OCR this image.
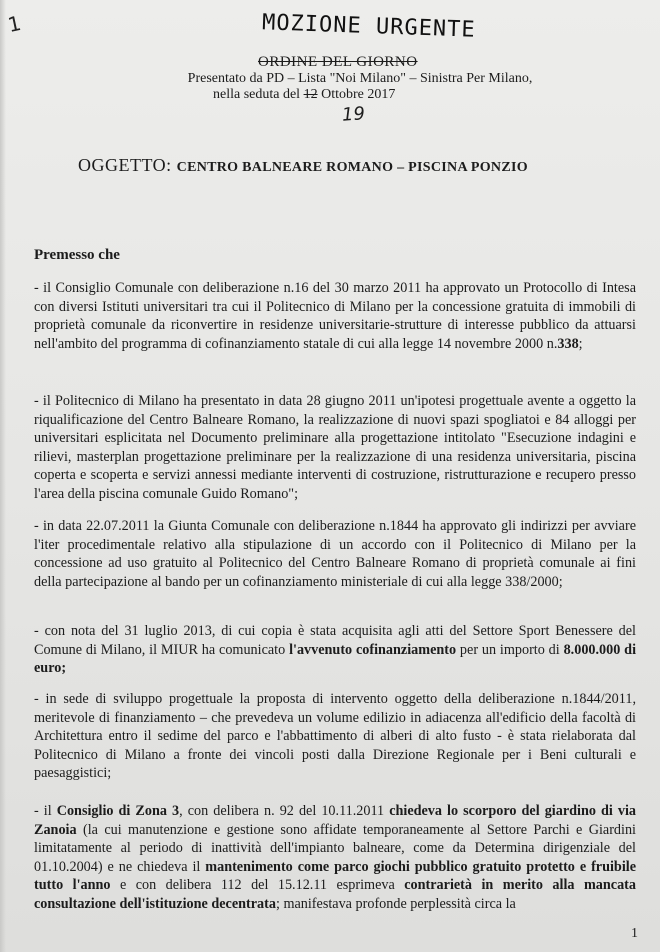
1	MOZIONE URGENTE
ORDINE DEL GIORNO
Presentato da PD – Lista "Noi Milano" – Sinistra Per Milano,
nella seduta del 12 Ottobre 2017
19
OGGETTO: CENTRO BALNEARE ROMANO – PISCINA PONZIO
Premesso che
- il Consiglio Comunale con deliberazione n.16 del 30 marzo 2011 ha approvato un Protocollo di Intesa con diversi Istituti universitari tra cui il Politecnico di Milano per la concessione gratuita di immobili di proprietà comunale da riconvertire in residenze universitarie-strutture di interesse pubblico da attuarsi nell'ambito del programma di cofinanziamento statale di cui alla legge 14 novembre 2000 n.338;
- il Politecnico di Milano ha presentato in data 28 giugno 2011 un'ipotesi progettuale avente a oggetto la riqualificazione del Centro Balneare Romano, la realizzazione di nuovi spazi spogliatoi e 84 alloggi per universitari esplicitata nel Documento preliminare alla progettazione intitolato "Esecuzione indagini e rilievi, masterplan progettazione preliminare per la realizzazione di una residenza universitaria, piscina coperta e scoperta e servizi annessi mediante interventi di costruzione, ristrutturazione e recupero presso l'area della piscina comunale Guido Romano";
- in data 22.07.2011 la Giunta Comunale con deliberazione n.1844 ha approvato gli indirizzi per avviare l'iter procedimentale relativo alla stipulazione di un accordo con il Politecnico di Milano per la concessione ad uso gratuito al Politecnico del Centro Balneare Romano di proprietà comunale ai fini della partecipazione al bando per un cofinanziamento ministeriale di cui alla legge 338/2000;
- con nota del 31 luglio 2013, di cui copia è stata acquisita agli atti del Settore Sport Benessere del Comune di Milano, il MIUR ha comunicato l'avvenuto cofinanziamento per un importo di 8.000.000 di euro;
- in sede di sviluppo progettuale la proposta di intervento oggetto della deliberazione n.1844/2011, meritevole di finanziamento – che prevedeva un volume edilizio in adiacenza all'edificio della facoltà di Architettura entro il sedime del parco e l'abbattimento di alberi di alto fusto - è stata rielaborata dal Politecnico di Milano a fronte dei vincoli posti dalla Direzione Regionale per i Beni culturali e paesaggistici;
- il Consiglio di Zona 3, con delibera n. 92 del 10.11.2011 chiedeva lo scorporo del giardino di via Zanoia (la cui manutenzione e gestione sono affidate temporaneamente al Settore Parchi e Giardini limitatamente al periodo di inattività dell'impianto balneare, come da Determina dirigenziale del 01.10.2004) e ne chiedeva il mantenimento come parco giochi pubblico gratuito protetto e fruibile tutto l'anno e con delibera 112 del 15.12.11 esprimeva contrarietà in merito alla mancata consultazione dell'istituzione decentrata; manifestava profonde perplessità circa la
1
